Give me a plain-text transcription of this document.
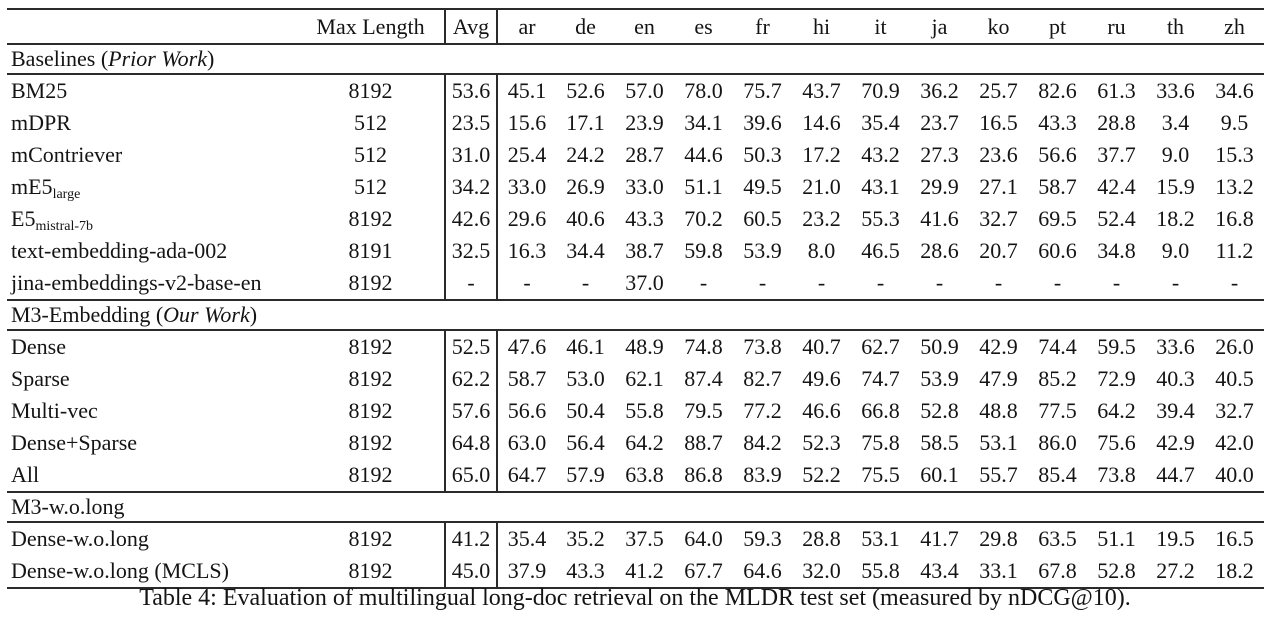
	Max Length	Avg	ar	de	en	es	fr	hi	it	ja	ko	pt	ru	th	zh
Baselines (Prior Work)															
BM25	8192	53.6	45.1	52.6	57.0	78.0	75.7	43.7	70.9	36.2	25.7	82.6	61.3	33.6	34.6
mDPR	512	23.5	15.6	17.1	23.9	34.1	39.6	14.6	35.4	23.7	16.5	43.3	28.8	3.4	9.5
mContriever	512	31.0	25.4	24.2	28.7	44.6	50.3	17.2	43.2	27.3	23.6	56.6	37.7	9.0	15.3
$mE5_{large}$	512	34.2	33.0	26.9	33.0	51.1	49.5	21.0	43.1	29.9	27.1	58.7	42.4	15.9	13.2
$E5_{mistral-7b}$	8192	42.6	29.6	40.6	43.3	70.2	60.5	23.2	55.3	41.6	32.7	69.5	52.4	18.2	16.8
text-embedding-ada-002	8191	32.5	16.3	34.4	38.7	59.8	53.9	8.0	46.5	28.6	20.7	60.6	34.8	9.0	11.2
jina-embeddings-v2-base-en	8192	-	-	-	37.0	-	-	-	-	-	-	-	-	-	-
M3-Embedding (Our Work)															
Dense	8192	52.5	47.6	46.1	48.9	74.8	73.8	40.7	62.7	50.9	42.9	74.4	59.5	33.6	26.0
Sparse	8192	62.2	58.7	53.0	62.1	87.4	82.7	49.6	74.7	53.9	47.9	85.2	72.9	40.3	40.5
Multi-vec	8192	57.6	56.6	50.4	55.8	79.5	77.2	46.6	66.8	52.8	48.8	77.5	64.2	39.4	32.7
Dense+Sparse	8192	64.8	63.0	56.4	64.2	88.7	84.2	52.3	75.8	58.5	53.1	86.0	75.6	42.9	42.0
All	8192	65.0	64.7	57.9	63.8	86.8	83.9	52.2	75.5	60.1	55.7	85.4	73.8	44.7	40.0
M3-w.o.long															
Dense-w.o.long	8192	41.2	35.4	35.2	37.5	64.0	59.3	28.8	53.1	41.7	29.8	63.5	51.1	19.5	16.5
Dense-w.o.long (MCLS)	8192	45.0	37.9	43.3	41.2	67.7	64.6	32.0	55.8	43.4	33.1	67.8	52.8	27.2	18.2
Table 4: Evaluation of multilingual long-doc retrieval on the MLDR test set (measured by nDCG@10).
